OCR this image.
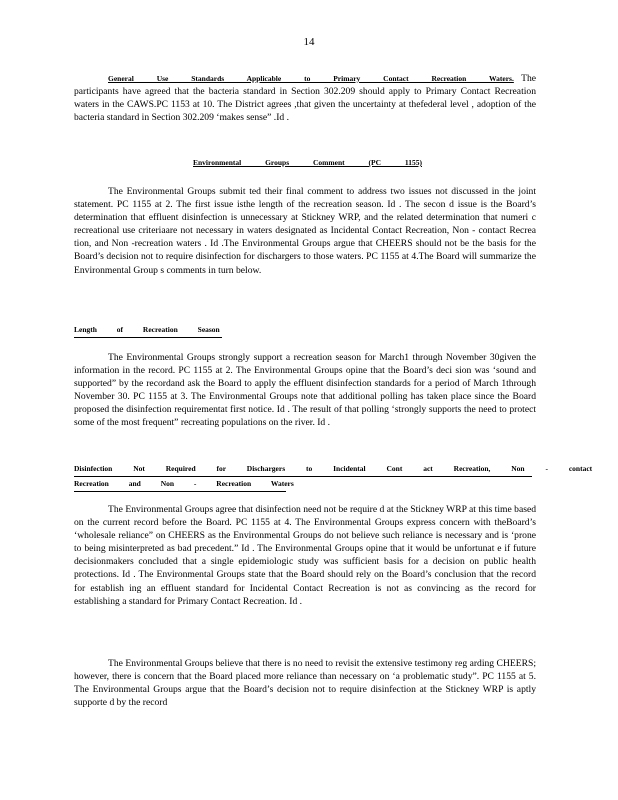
14

General Use Standards Applicable to Primary Contact Recreation Waters. The participants have agreed that the bacteria standard in Section 302.209 should apply to Primary Contact Recreation waters in the CAWS.PC 1153 at 10. The District agrees ,that given the uncertainty at thefederal level , adoption of the bacteria standard in Section 302.209 ‘makes sense” .Id .

Environmental Groups Comment (PC 1155)

The Environmental Groups submit ted their final comment to address two issues not discussed in the joint statement. PC 1155 at 2. The first issue isthe length of the recreation season. Id . The secon d issue is the Board’s determination that effluent disinfection is unnecessary at Stickney WRP, and the related determination that numeri c recreational use criteriaare not necessary in waters designated as Incidental Contact Recreation, Non - contact Recrea tion, and Non -recreation waters . Id .The Environmental Groups argue that CHEERS should not be the basis for the Board’s decision not to require disinfection for dischargers to those waters. PC 1155 at 4.The Board will summarize the Environmental Group s comments in turn below.

Length of Recreation Season

The Environmental Groups strongly support a recreation season for March1 through November 30given the information in the record. PC 1155 at 2. The Environmental Groups opine that the Board’s deci sion was ‘sound and supported” by the recordand ask the Board to apply the effluent disinfection standards for a period of March 1through November 30. PC 1155 at 3. The Environmental Groups note that additional polling has taken place since the Board proposed the disinfection requirementat first notice. Id . The result of that polling ‘strongly supports the need to protect some of the most frequent” recreating populations on the river. Id .

Disinfection Not Required for Dischargers to Incidental Cont act Recreation, Non - contact
Recreation and Non - Recreation Waters

The Environmental Groups agree that disinfection need not be require d at the Stickney WRP at this time based on the current record before the Board. PC 1155 at 4. The Environmental Groups express concern with theBoard’s ‘wholesale reliance” on CHEERS as the Environmental Groups do not believe such reliance is necessary and is ‘prone to being misinterpreted as bad precedent.” Id . The Environmental Groups opine that it would be unfortunat e if future decisionmakers concluded that a single epidemiologic study was sufficient basis for a decision on public health protections. Id . The Environmental Groups state that the Board should rely on the Board’s conclusion that the record for establish ing an effluent standard for Incidental Contact Recreation is not as convincing as the record for establishing a standard for Primary Contact Recreation. Id .

The Environmental Groups believe that there is no need to revisit the extensive testimony reg arding CHEERS; however, there is concern that the Board placed more reliance than necessary on ‘a problematic study”. PC 1155 at 5. The Environmental Groups argue that the Board’s decision not to require disinfection at the Stickney WRP is aptly supporte d by the record
